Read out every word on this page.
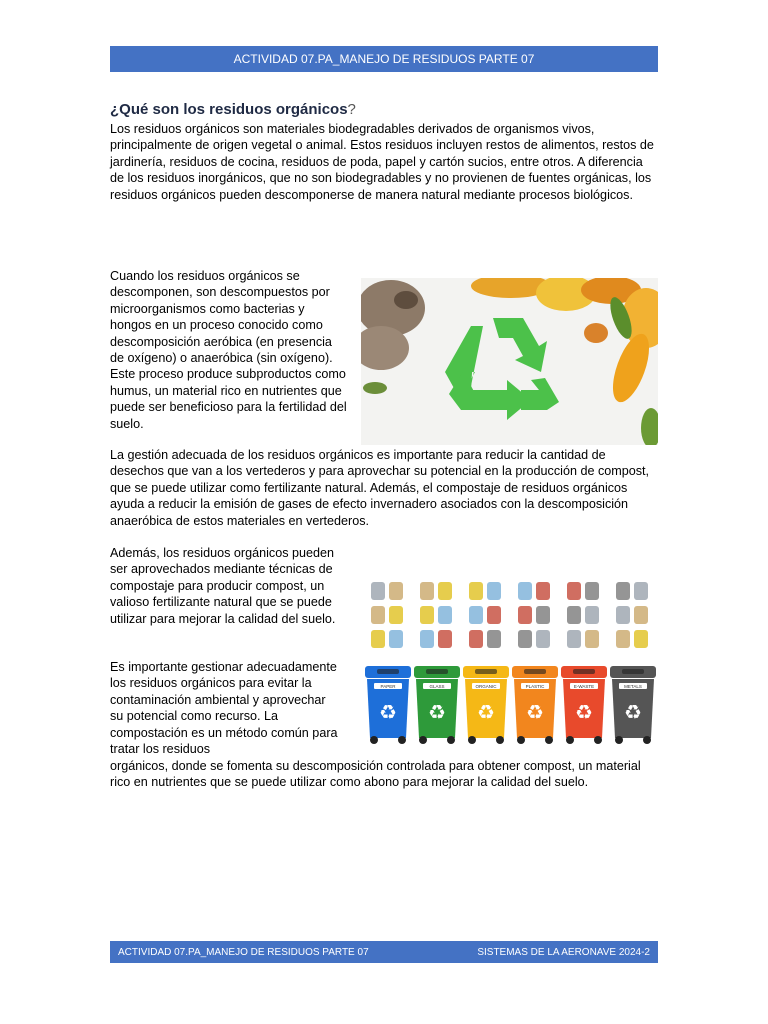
ACTIVIDAD 07.PA_MANEJO DE RESIDUOS PARTE 07
¿Qué son los residuos orgánicos?

Los residuos orgánicos son materiales biodegradables derivados de organismos vivos, principalmente de origen vegetal o animal. Estos residuos incluyen restos de alimentos, restos de jardinería, residuos de cocina, residuos de poda, papel y cartón sucios, entre otros. A diferencia de los residuos inorgánicos, que no son biodegradables y no provienen de fuentes orgánicas, los residuos orgánicos pueden descomponerse de manera natural mediante procesos biológicos.

Cuando los residuos orgánicos se descomponen, son descompuestos por microorganismos como bacterias y hongos en un proceso conocido como descomposición aeróbica (en presencia de oxígeno) o anaeróbica (sin oxígeno). Este proceso produce subproductos como humus, un material rico en nutrientes que puede ser beneficioso para la fertilidad del suelo.

La gestión adecuada de los residuos orgánicos es importante para reducir la cantidad de desechos que van a los vertederos y para aprovechar su potencial en la producción de compost, que se puede utilizar como fertilizante natural. Además, el compostaje de residuos orgánicos ayuda a reducir la emisión de gases de efecto invernadero asociados con la descomposición anaeróbica de estos materiales en vertederos.

Además, los residuos orgánicos pueden ser aprovechados mediante técnicas de compostaje para producir compost, un valioso fertilizante natural que se puede utilizar para mejorar la calidad del suelo.

Es importante gestionar adecuadamente los residuos orgánicos para evitar la contaminación ambiental y aprovechar su potencial como recurso. La compostación es un método común para tratar los residuos

PAPER
♻
GLASS
♻
ORGANIC
♻
PLASTIC
♻
E-WASTE
♻
METALS
♻

orgánicos, donde se fomenta su descomposición controlada para obtener compost, un material rico en nutrientes que se puede utilizar como abono para mejorar la calidad del suelo.

ACTIVIDAD 07.PA_MANEJO DE RESIDUOS PARTE 07	SISTEMAS DE LA AERONAVE 2024-2
